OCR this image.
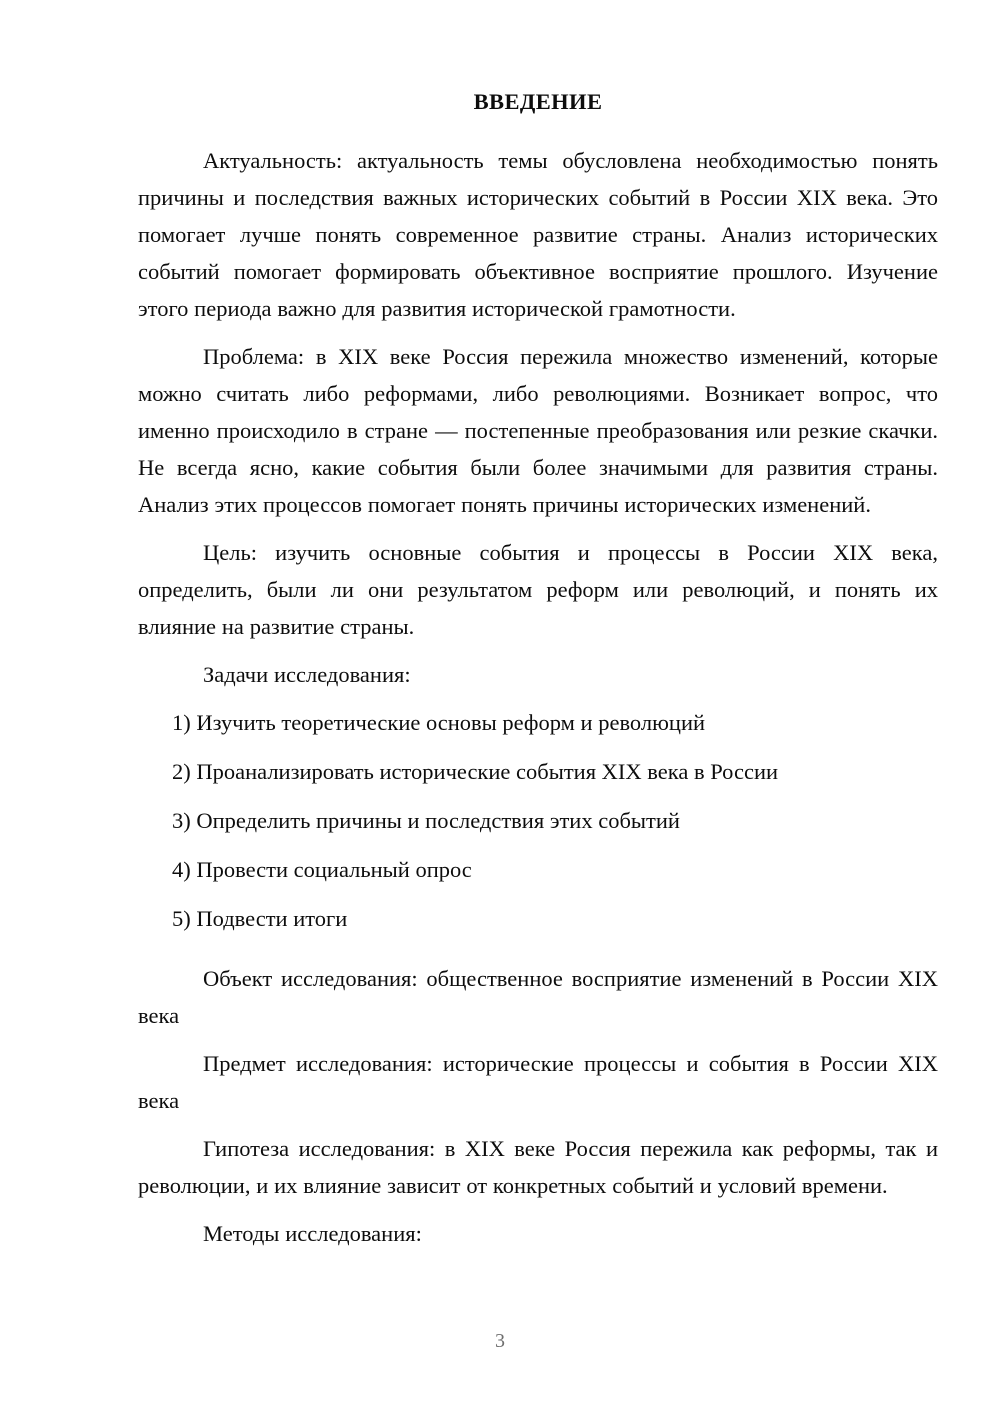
ВВЕДЕНИЕ

Актуальность: актуальность темы обусловлена необходимостью понять причины и последствия важных исторических событий в России XIX века. Это помогает лучше понять современное развитие страны. Анализ исторических событий помогает формировать объективное восприятие прошлого. Изучение этого периода важно для развития исторической грамотности.

Проблема: в XIX веке Россия пережила множество изменений, которые можно считать либо реформами, либо революциями. Возникает вопрос, что именно происходило в стране — постепенные преобразования или резкие скачки. Не всегда ясно, какие события были более значимыми для развития страны. Анализ этих процессов помогает понять причины исторических изменений.

Цель: изучить основные события и процессы в России XIX века, определить, были ли они результатом реформ или революций, и понять их влияние на развитие страны.

Задачи исследования:

1) Изучить теоретические основы реформ и революций
2) Проанализировать исторические события XIX века в России
3) Определить причины и последствия этих событий
4) Провести социальный опрос
5) Подвести итоги

Объект исследования: общественное восприятие изменений в России XIX века

Предмет исследования: исторические процессы и события в России XIX века

Гипотеза исследования: в XIX веке Россия пережила как реформы, так и революции, и их влияние зависит от конкретных событий и условий времени.

Методы исследования:

3
